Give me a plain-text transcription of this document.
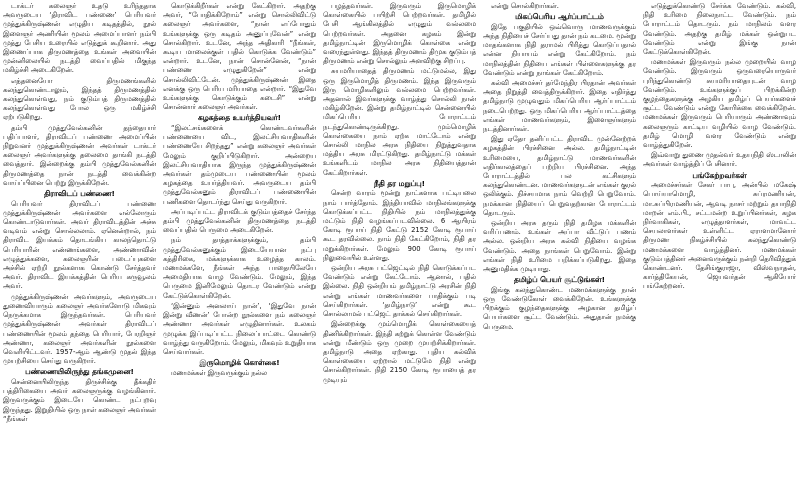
டாக்டர் கலைஞர் உதடு உரிந்ததாக அவருடைய ‘திராவிட பண்ணை’ பெரியவர் முத்துக்கிருஷ்ணன் எழுதிய கடிதத்தில், நூல் இளைஞர் அணியின் மூலம் அமைப்பாளர் நம்பி முத்து பேசிய உரையில் எடுத்துக் கூறினார். அது இணைப்பாக திருமணத்தை உங்கள் அவையின் முன்னிலையில் நடத்தி வைப்பதில் மிகுந்த மகிழ்ச்சி அடைகிறேன்.

எத்தனையோ திருமணங்களில் கலந்துகொண்டாலும், இந்தத் திருமணத்தில் கலந்துகொள்வது, நம் குடும்பத் திருமணத்தில் கலந்துகொள்வது போல ஒரு மகிழ்ச்சி ஏற்படுகிறது.

தம்பி முத்துவேல்கனின் தந்தையார் பதிப்பாளர், திராவிடப் பண்ணை அமைப்பின் நிறுவனர் முத்துக்கிருஷ்ணன் அவர்கள் டாக்டர் கலைஞர் அவர்களுக்கு தலைமை தாங்கி நடத்தி வைத்தார். இன்றைக்கு தம்பி முத்துவேல்கனின் திருமணத்தை நான் நடத்தி வைக்கின்ற வாய்ப்பினை பெற்று இருக்கிறேன்.

திராவிடப் பண்ணை!

பெரியவர் திராவிடப் பண்ணை முத்துக்கிருஷ்ணன் அவர்களை எல்லோரும் கொண்டாடுவார்கள். அவர் திராவிடத்தின் அச்சு வடிவம் என்று சொல்லலாம். ஏனென்றால், நம் திராவிட இயக்கம் தொடங்கிய காலந்தொட்டு பெரியாரின் எண்ணங்களை, அண்ணாவின் எழுத்துக்களை, கலைஞரின் படைப்புகளை அச்சில் ஏற்றி நூல்களாக கொண்டு சேர்த்தவர் அவர். திராவிட இயக்கத்தின் பெரிய கருவூலம் அவர்.

முத்துக்கிருஷ்ணன் அவர்களும், அவருடைய துணைவியாரும் கலைஞர் அவர்களோடு மிகவும் நெருக்கமாக இருந்தவர்கள். பெரியவர் முத்துக்கிருஷ்ணன் அவர்கள் திராவிடப் பண்ணையின் மூலம் தந்தை பெரியார், பேரறிஞர் அண்ணா, கலைஞர் அவர்களின் நூல்களை வெளியிட்டவர். 1957-ஆம் ஆண்டு முதல் இந்த முயற்சியை செய்து வருகிறார்.

பண்ணையிலிருந்து தங்கமுனை!

சென்னையிலிருந்த திருச்சிக்கு தீக்கதிர் பத்திரிகையை அவர் கலைஞருக்கு வழங்கினார். இருவருக்கும் இடையே கொண்ட நட்புறவு இருந்தது. இறுதியில் ஒரு நாள் கலைஞர் அவர்கள் “நீங்கள்

கொடுக்கிறீர்கள் என்று கேட்கிறார். அதற்கு அவர், “போதிக்கிறோம்” என்று சொல்லிவிட்டு கலைஞர் அவர்களை, “நான் எப்போதும் உங்களுக்கு ஒரு கடிதம் அனுப்புவேன்” என்று சொல்கிறார். உடனே, அந்த அதிகாரி “நீங்கள், கூடிய மாலைக்குள் பதில் கொடுக்க வேண்டும்” என்றார். உடனே, நான் சொன்னேன், “நான் பண்ணை எழுதுகிறேன்” என்று சொல்லிவிட்டேன். முத்துக்கிருஷ்ணன் இதை எனக்கு ஒரு பெரிய மரியாதை என்றார். “இதுவே உங்களுக்கு கொடுக்கும் கடைசி” என்று சொன்னார் கலைஞர் அவர்கள்.

கழகத்தை உயர்த்தியவர்!

“இலட்சங்களைக் கொண்டவர்களின் பண்ணையை விட, இலட்சியவாதிகளின் பண்ணையே சிறந்தது” என்று கலைஞர் அவர்கள் மேலும் குறிப்பிடுகிறார். அன்றைய இலட்சியவாதியாக இருந்த முத்துக்கிருஷ்ணன் அவர்கள் தம்முடைய பண்ணையின் மூலம் கழகத்தை உயர்த்தியவர். அவருடைய தம்பி முத்துவேல்கனும் திராவிடப் பண்ணையின் பணிகளை தொடர்ந்து செய்து வருகிறார்.

அப்படிப்பட்ட திராவிடக் குடும்பத்தைச் சேர்ந்த தம்பி முத்துவேல்கனின் திருமணத்தை நடத்தி வைப்பதில் பெருமை அடைகிறேன்.

நம் தாத்தாக்களுக்கும், தம்பி முத்துவேல்கனுக்கும் இடையேயான நட்பு கத்திரிகை, மக்களுக்காக உழைத்த காலம். மணமக்களே, நீங்கள் அந்த பாதையிலேயே அமைதியாக வாழ வேண்டும். மேலும், இந்த பெருமை இனிமேலும் தொடர வேண்டும் என்று கேட்டுக்கொள்கிறேன்.

‘இன்னும் அனலாய் நான்’, ‘இதுவே நான் இன்று வீணன்’ போன்ற நூல்களை நம் கலைஞர் அண்ணா அவர்கள் எழுதினார்கள். உலகம் முழுக்க இப்படிப்பட்ட நிலைப்பாட்டை கொண்டு வாழ்ந்து வருகிறோம். மேலும், மிகவும் உறுதியாக செய்வார்கள்.

இருமொழிக் கொள்கை!

மணமக்கள் இருவருக்கும் நல்ல

பழத்தவர்கள். இருவரும் இருமொழிக் கொள்கையில் பயிற்சி பெற்றவர்கள். தமிழில் பேசி ஆங்கிலத்தில் எழுதும் வல்லமை பெற்றவர்கள். அதனை கழகம் இன்று தமிழ்நாட்டின் இருமொழிக் கொள்கை என்று வரைந்துள்ளது. இந்தத் திருமணம் திமுக குடும்பத் திருமணம் என்று சொல்லும் அளவிற்கு சிறப்பு.

சுயமரியாதைத் திருமணம் மட்டுமல்ல, இது ஒரு இருமொழித் திருமணம். இந்த இருவரும் இரு மொழிகளிலும் வல்லமை பெற்றவர்கள். அதனால் இவர்களுக்கு வாழ்த்து சொல்லி நான் மகிழ்கிறேன். இன்று தமிழ்நாட்டில் சென்னையில் மிகப்பெரிய போராட்டம் நடந்துகொண்டிருக்கிறது. மும்மொழிக் கொள்கையை நாம் ஏற்க மாட்டோம் என்று சொல்லி மாநில அரசு நிதியை நிறுத்துவதாக மத்திய அரசு மிரட்டுகிறது. தமிழ்நாட்டு மக்கள் உங்களிடம் மாநில அரசு நிதியைத்தான் கேட்கிறார்கள்.

நீதி தர மறுப்பு!

சென்ற வாரம் மூன்று நாட்களாக பட்டியலை நாம் பார்த்தோம். இந்தியாவில் மாநிலங்களுக்கு கொடுக்கப்பட்ட நிதியில் நம் மாநிலத்துக்கு மட்டும் நிதி வழங்கப்படவில்லை. 6 ஆயிரம் கோடி ரூபாய் நிதி கேட்டு 2152 கோடி ரூபாய் கூட தரவில்லை. நாம் நிதி கேட்கிறோம், நிதி தர மறுக்கிறார்கள். மேலும் 900 கோடி ரூபாய் நிலுவையில் உள்ளது.

ஒன்றிய அரசு பட்ஜெட்டில் நிதி கொடுக்கப்பட வேண்டும் என்று கேட்டோம். ஆனால், பதில் இல்லை. நிதி ஒன்றியம் தமிழ்நாட்டு அரசின் நிதி என்று எங்கள் மாணவர்களை பாதிக்கும் படி செய்கிறார்கள். ‘தமிழ்நாடு’ என்று கூட சொல்லாமல் பட்ஜெட் தாக்கல் செய்கிறார்கள்.

இன்றைக்கு மும்மொழிக் கொள்கையைத் திணிக்கிறார்கள். இந்தி கற்றுக் கொள்ள வேண்டும் என்று மீண்டும் ஒரு முறை முயற்சிக்கிறார்கள். தமிழ்நாடு அதை ஏற்காது. புதிய கல்விக் கொள்கையை ஏற்றால் மட்டுமே நிதி என்று சொல்கிறார்கள். நிதி 2150 கோடி ரூபாயைத் தர முடியும்

என்று சொல்கிறார்கள்.

மிகப்பெரிய ஆர்ப்பாட்டம்

இதே பகுதியில் ஒவ்வொரு மாணவருக்கும் அந்த நிதியைச் சேர்ப்பது தான் நம் கடமை. மூன்று மாதங்களாக நிதி தராமல் பிரித்து கொடுப்பதால் என்ன நியாயம் என்று கேட்கிறோம். நம் மாநிலத்தின் நிதியை எங்கள் பிள்ளைகளுக்கு தர வேண்டும் என்று நாங்கள் கேட்கிறோம்.

கல்வி அமைச்சர் தர்மேந்திர பிரதான் அவர்கள் அதை நிறுத்தி வைத்திருக்கிறார். இதை எதிர்த்து தமிழ்நாடு முழுவதும் மிகப்பெரிய ஆர்ப்பாட்டம் நடைபெற்றது. ஒரு மிகப்பெரிய ஆர்ப்பாட்டத்தை எங்கள் மாணவர்களும், இளைஞர்களும் நடத்தினார்கள்.

இது ஏதோ தனிப்பட்ட திராவிட முன்னேற்றக் கழகத்தின் பிரச்சினை அல்ல. தமிழ்நாட்டின் உரிமையை, தமிழ்நாட்டு மாணவர்களின் எதிர்காலத்தைப் பற்றிய பிரச்சினை. அந்த போராட்டத்தில் பல கட்சிகளும் கலந்துகொண்டன. மாணவர்களுடன் எங்கள் குரல் ஒலிக்கும். நிச்சயமாக நாம் வெற்றி பெறுவோம். நமக்கான நிதியைப் பெறுவதற்கான போராட்டம் தொடரும்.

ஒன்றிய அரசு தரும் நிதி தமிழக மக்களின் வரிப்பணம். உங்கள் அப்பா வீட்டுப் பணம் அல்ல. ஒன்றிய அரசு கல்வி நிதியை வழங்க வேண்டும். அதை நாங்கள் பெறுவோம். இன்று எங்கள் நிதி உரிமை பறிக்கப்படுகிறது. இதை அனுமதிக்க முடியாது.

தமிழ்ப் பெயர் சூட்டுங்கள்!

இங்கு கலந்துகொண்ட மணமக்களுக்கு நான் ஒரு வேண்டுகோள் வைக்கிறேன். உங்களுக்கு பிறக்கும் குழந்தைகளுக்கு அழகான தமிழ்ப் பெயர்களை சூட்ட வேண்டும். அதுதான் நமக்கு பெருமை.

எடுத்துக்கொண்டு சேர்க்க வேண்டும். கல்வி, நிதி உரிமை நிலைநாட்ட வேண்டும். நம் போராட்டம் தொடரும். நம் மாநிலம் வளர வேண்டும். அதற்கு தமிழ் மக்கள் ஒன்றுபட வேண்டும் என்று இங்கு நான் கேட்டுக்கொள்கிறேன்.

மணமக்கள் இருவரும் நல்ல முறையில் வாழ வேண்டும். இருவரும் ஒருவரையொருவர் புரிந்துகொண்டு சுயமரியாதையுடன் வாழ வேண்டும். உங்களுக்குப் பிறக்கின்ற குழந்தைகளுக்கு அழகிய தமிழ்ப் பெயர்களைச் சூட்ட வேண்டும் என்று கோரிக்கை வைக்கிறேன். மணமக்கள் இருவரும் பெரியாரும் அண்ணாவும் கலைஞரும் காட்டிய வழியில் வாழ வேண்டும். தமிழ் மொழி வளர வேண்டும் என்று வாழ்த்துகிறேன்.

இவ்வாறு துணை முதல்வர் உதயநிதி ஸ்டாலின் அவர்கள் வாழ்த்திப் பேசினார்.

பங்கேற்றவர்கள்

அமைச்சர்கள் சேகர் பாபு, அன்பில் மகேஷ் பொய்யாமொழி, சுப்ரமணியன், மா.சுப்பிரமணியன், ஆவடி நாசர் மற்றும் தயாநிதி மாறன் எம்.பி., சட்டமன்ற உறுப்பினர்கள், கழக நிர்வாகிகள், எழுத்தாளர்கள், மாவட்ட செயலாளர்கள் உள்ளிட்ட ஏராளமானோர் திருமண நிகழ்ச்சியில் கலந்துகொண்டு மணமக்களை வாழ்த்தினர். மணமக்கள் குடும்பத்தினர் அனைவருக்கும் நன்றி தெரிவித்துக் கொண்டனர். தேசிங்குராஜா, விஸ்வநாதன், கார்த்திகேயன், ஜெயவர்தன் ஆகியோர் பங்கேற்றனர்.
